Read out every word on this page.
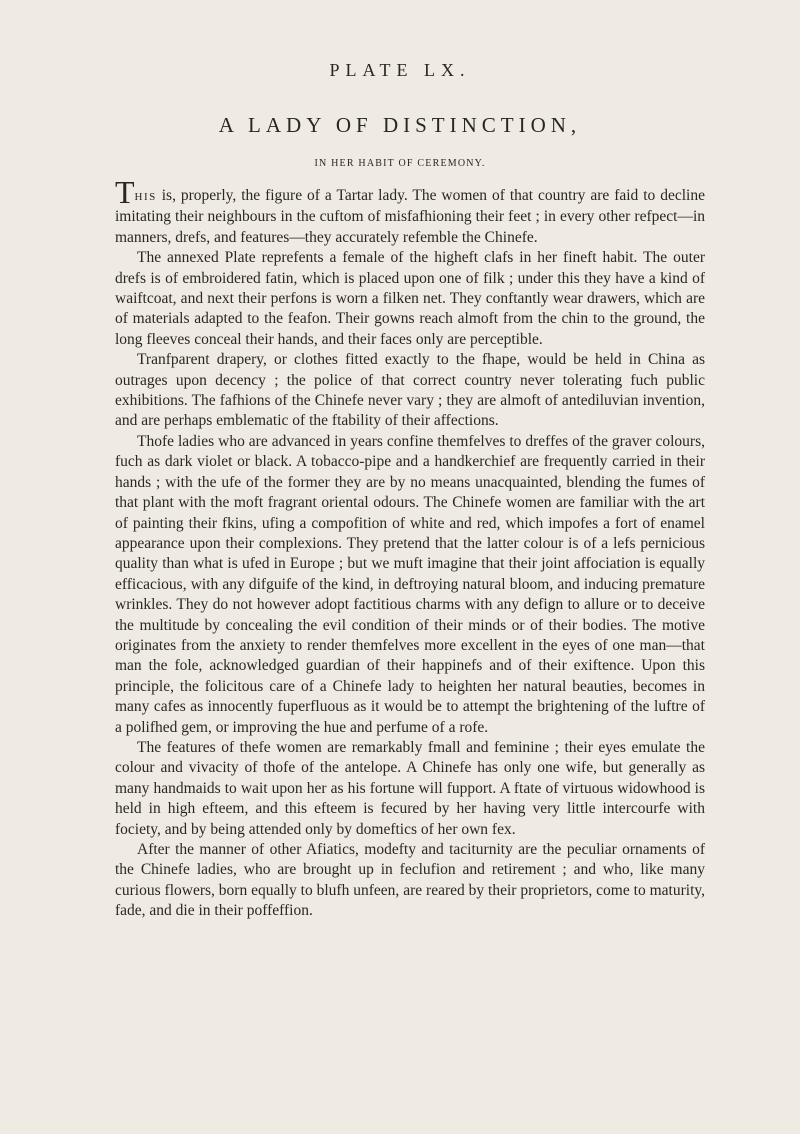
PLATE LX.
A LADY OF DISTINCTION,
IN HER HABIT OF CEREMONY.

THIS is, properly, the figure of a Tartar lady. The women of that country are faid to decline imitating their neighbours in the cuftom of misfafhioning their feet ; in every other refpect—in manners, drefs, and features—they accurately refemble the Chinefe.

The annexed Plate reprefents a female of the higheft clafs in her fineft habit. The outer drefs is of embroidered fatin, which is placed upon one of filk ; under this they have a kind of waiftcoat, and next their perfons is worn a filken net. They conftantly wear drawers, which are of materials adapted to the feafon. Their gowns reach almoft from the chin to the ground, the long fleeves conceal their hands, and their faces only are perceptible.

Tranfparent drapery, or clothes fitted exactly to the fhape, would be held in China as outrages upon decency ; the police of that correct country never tolerating fuch public exhibitions. The fafhions of the Chinefe never vary ; they are almoft of antediluvian invention, and are perhaps emblematic of the ftability of their affections.

Thofe ladies who are advanced in years confine themfelves to dreffes of the graver colours, fuch as dark violet or black. A tobacco-pipe and a handkerchief are frequently carried in their hands ; with the ufe of the former they are by no means unacquainted, blending the fumes of that plant with the moft fragrant oriental odours. The Chinefe women are familiar with the art of painting their fkins, ufing a compofition of white and red, which impofes a fort of enamel appearance upon their complexions. They pretend that the latter colour is of a lefs pernicious quality than what is ufed in Europe ; but we muft imagine that their joint affociation is equally efficacious, with any difguife of the kind, in deftroying natural bloom, and inducing premature wrinkles. They do not however adopt factitious charms with any defign to allure or to deceive the multitude by concealing the evil condition of their minds or of their bodies. The motive originates from the anxiety to render themfelves more excellent in the eyes of one man—that man the fole, acknowledged guardian of their happinefs and of their exiftence. Upon this principle, the folicitous care of a Chinefe lady to heighten her natural beauties, becomes in many cafes as innocently fuperfluous as it would be to attempt the brightening of the luftre of a polifhed gem, or improving the hue and perfume of a rofe.

The features of thefe women are remarkably fmall and feminine ; their eyes emulate the colour and vivacity of thofe of the antelope. A Chinefe has only one wife, but generally as many handmaids to wait upon her as his fortune will fupport. A ftate of virtuous widowhood is held in high efteem, and this efteem is fecured by her having very little intercourfe with fociety, and by being attended only by domeftics of her own fex.

After the manner of other Afiatics, modefty and taciturnity are the peculiar ornaments of the Chinefe ladies, who are brought up in feclufion and retirement ; and who, like many curious flowers, born equally to blufh unfeen, are reared by their proprietors, come to maturity, fade, and die in their poffeffion.
